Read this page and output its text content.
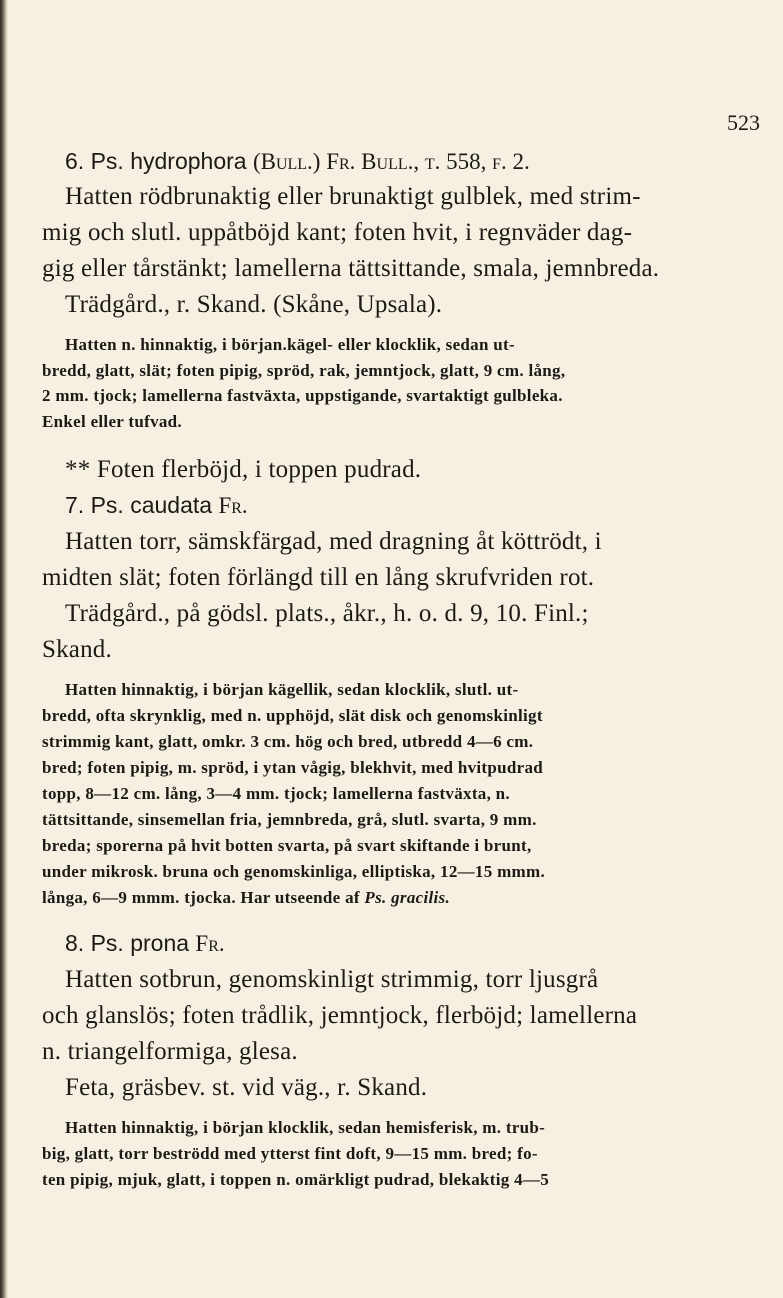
523
6. Ps. hydrophora (Bull.) Fr. Bull., t. 558, f. 2.
Hatten rödbrunaktig eller brunaktigt gulblek, med strim-
mig och slutl. uppåtböjd kant; foten hvit, i regnväder dag-
gig eller tårstänkt; lamellerna tättsittande, smala, jemnbreda.
Trädgård., r. Skand. (Skåne, Upsala).
Hatten n. hinnaktig, i början.kägel- eller klocklik, sedan ut-
bredd, glatt, slät; foten pipig, spröd, rak, jemntjock, glatt, 9 cm. lång,
2 mm. tjock; lamellerna fastväxta, uppstigande, svartaktigt gulbleka.
Enkel eller tufvad.
** Foten flerböjd, i toppen pudrad.
7. Ps. caudata Fr.
Hatten torr, sämskfärgad, med dragning åt köttrödt, i
midten slät; foten förlängd till en lång skrufvriden rot.
Trädgård., på gödsl. plats., åkr., h. o. d. 9, 10. Finl.;
Skand.
Hatten hinnaktig, i början kägellik, sedan klocklik, slutl. ut-
bredd, ofta skrynklig, med n. upphöjd, slät disk och genomskinligt
strimmig kant, glatt, omkr. 3 cm. hög och bred, utbredd 4—6 cm.
bred; foten pipig, m. spröd, i ytan vågig, blekhvit, med hvitpudrad
topp, 8—12 cm. lång, 3—4 mm. tjock; lamellerna fastväxta, n.
tättsittande, sinsemellan fria, jemnbreda, grå, slutl. svarta, 9 mm.
breda; sporerna på hvit botten svarta, på svart skiftande i brunt,
under mikrosk. bruna och genomskinliga, elliptiska, 12—15 mmm.
långa, 6—9 mmm. tjocka. Har utseende af Ps. gracilis.
8. Ps. prona Fr.
Hatten sotbrun, genomskinligt strimmig, torr ljusgrå
och glanslös; foten trådlik, jemntjock, flerböjd; lamellerna
n. triangelformiga, glesa.
Feta, gräsbev. st. vid väg., r. Skand.
Hatten hinnaktig, i början klocklik, sedan hemisferisk, m. trub-
big, glatt, torr beströdd med ytterst fint doft, 9—15 mm. bred; fo-
ten pipig, mjuk, glatt, i toppen n. omärkligt pudrad, blekaktig 4—5
